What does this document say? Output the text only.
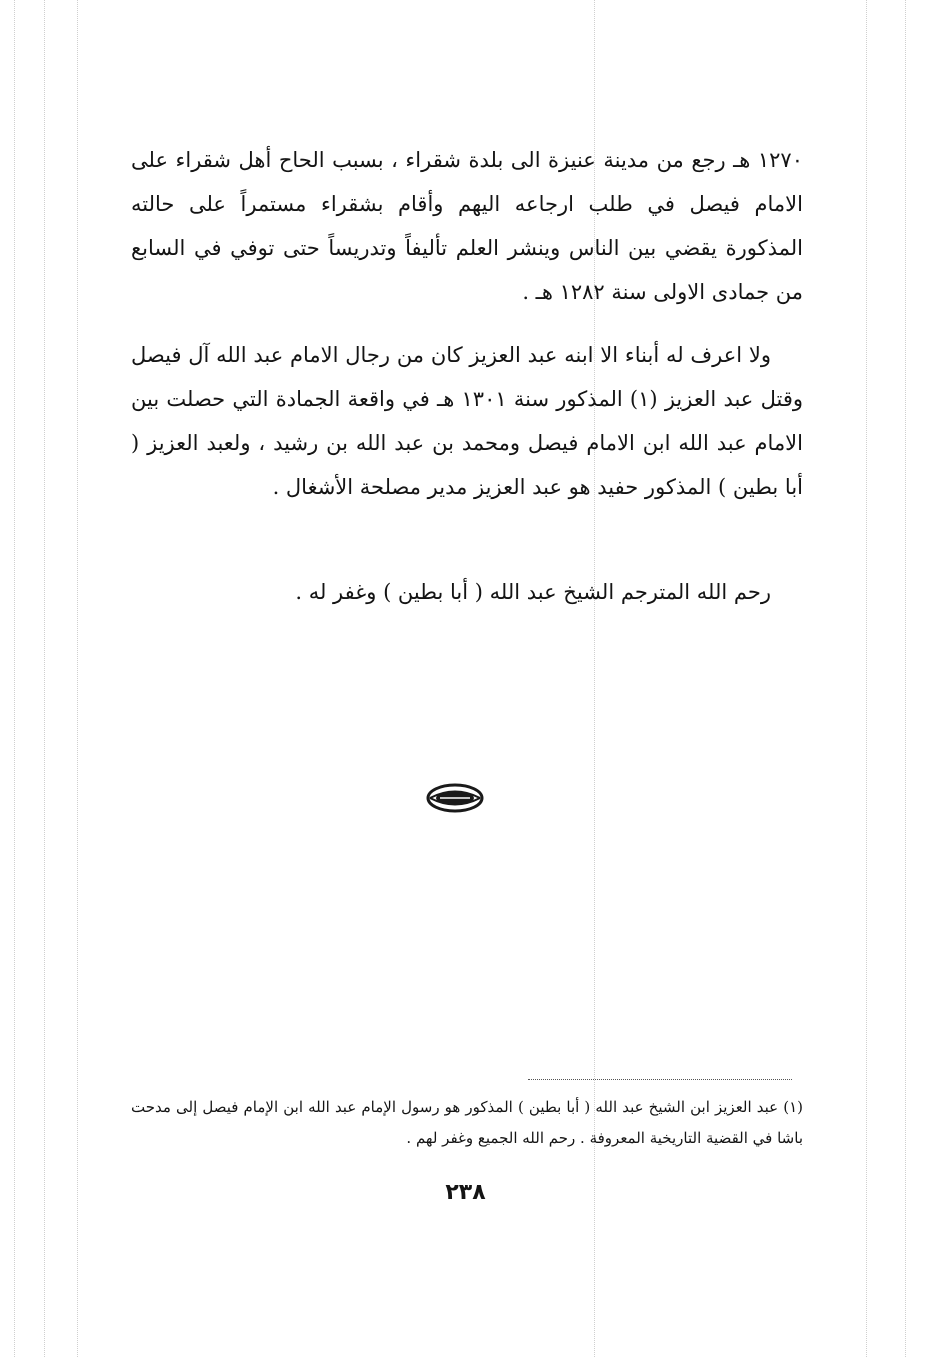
١٢٧٠ هـ رجع من مدينة عنيزة الى بلدة شقراء ، بسبب الحاح أهل شقراء على الامام فيصل في طلب ارجاعه اليهم وأقام بشقراء مستمراً على حالته المذكورة يقضي بين الناس وينشر العلم تأليفاً وتدريساً حتى توفي في السابع من جمادى الاولى سنة ١٢٨٢ هـ .

ولا اعرف له أبناء الا ابنه عبد العزيز كان من رجال الامام عبد الله آل فيصل وقتل عبد العزيز (١) المذكور سنة ١٣٠١ هـ في واقعة الجمادة التي حصلت بين الامام عبد الله ابن الامام فيصل ومحمد بن عبد الله بن رشيد ، ولعبد العزيز ( أبا بطين ) المذكور حفيد هو عبد العزيز مدير مصلحة الأشغال .

رحم الله المترجم الشيخ عبد الله ( أبا بطين ) وغفر له .

(١) عبد العزيز ابن الشيخ عبد الله ( أبا بطين ) المذكور هو رسول الإمام عبد الله ابن الإمام فيصل إلى مدحت باشا في القضية التاريخية المعروفة . رحم الله الجميع وغفر لهم .

٢٣٨
